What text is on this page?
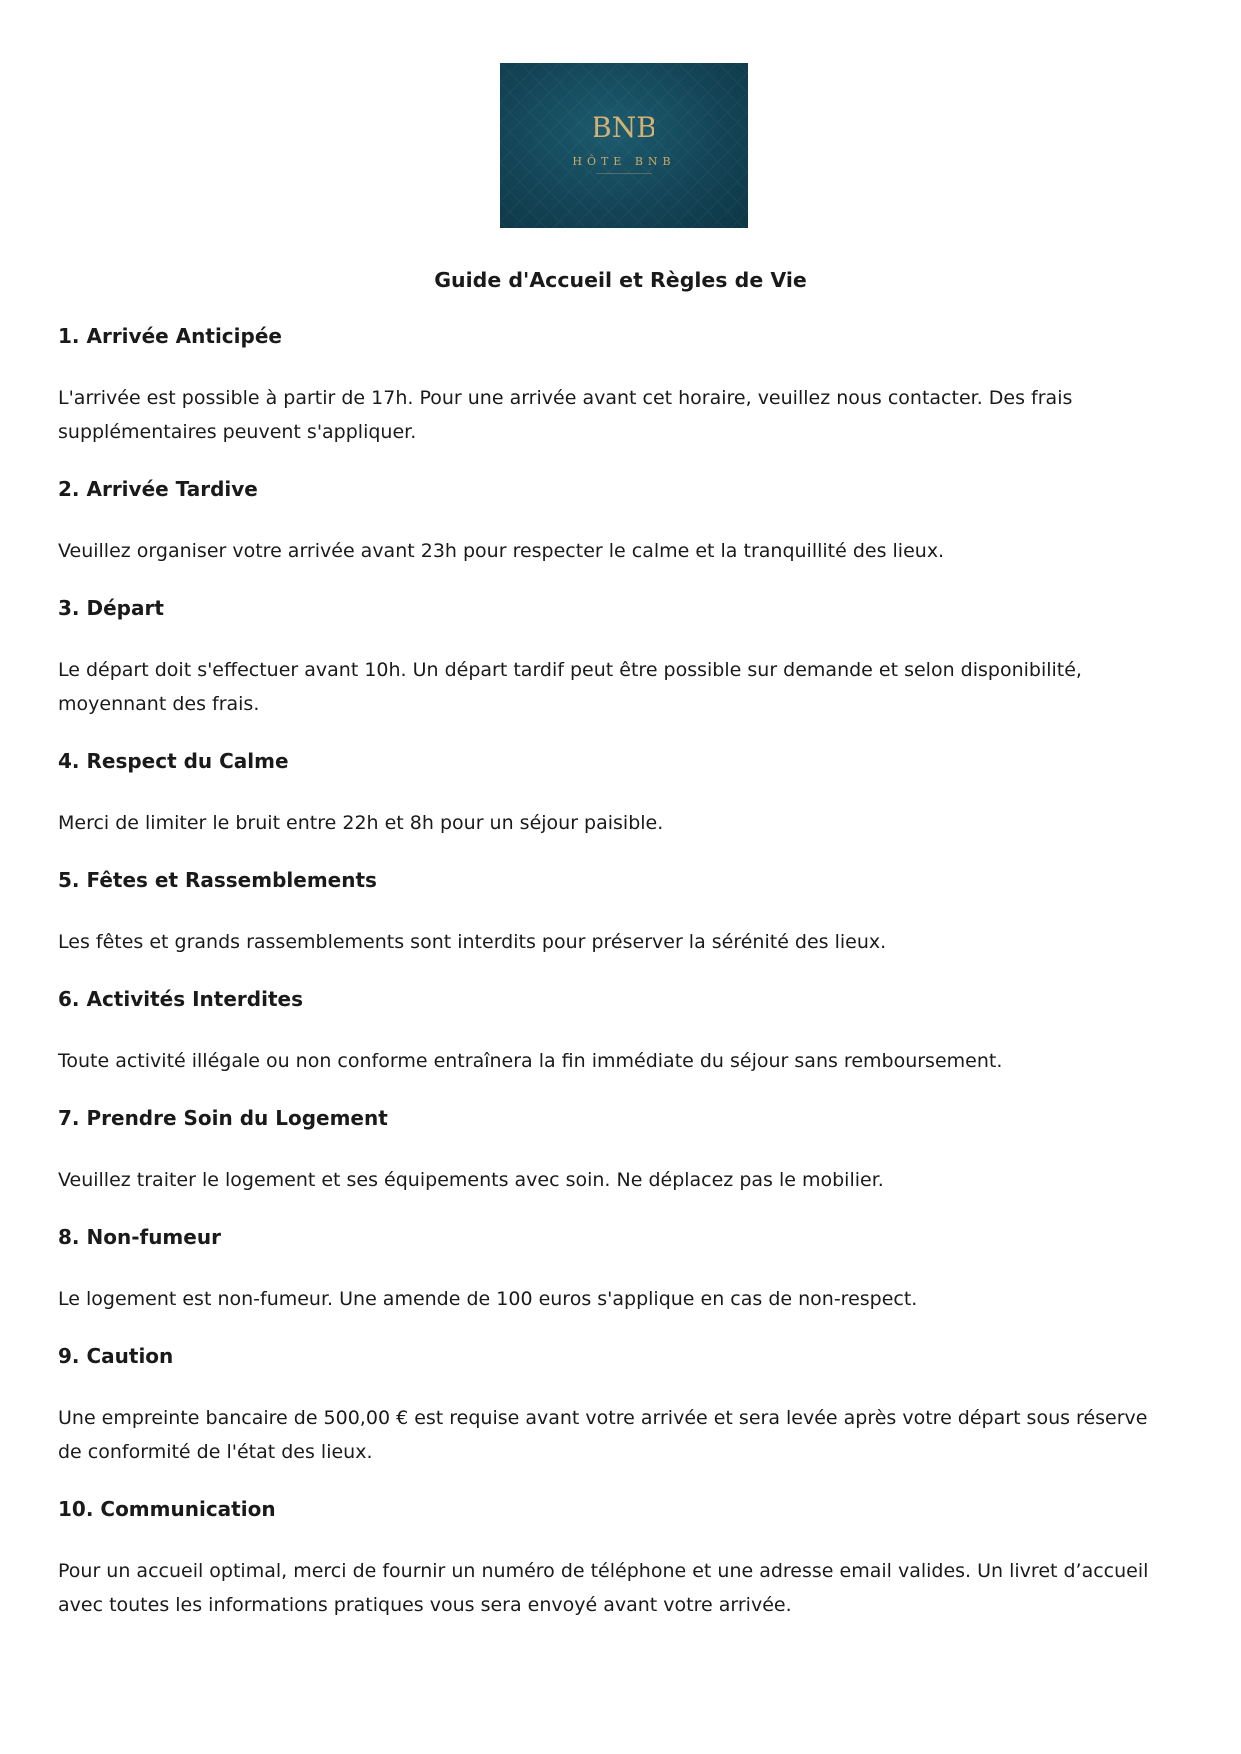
BNB
HÔTE BNB
Guide d'Accueil et Règles de Vie

1. Arrivée Anticipée

L'arrivée est possible à partir de 17h. Pour une arrivée avant cet horaire, veuillez nous contacter. Des frais supplémentaires peuvent s'appliquer.

2. Arrivée Tardive

Veuillez organiser votre arrivée avant 23h pour respecter le calme et la tranquillité des lieux.

3. Départ

Le départ doit s'effectuer avant 10h. Un départ tardif peut être possible sur demande et selon disponibilité, moyennant des frais.

4. Respect du Calme

Merci de limiter le bruit entre 22h et 8h pour un séjour paisible.

5. Fêtes et Rassemblements

Les fêtes et grands rassemblements sont interdits pour préserver la sérénité des lieux.

6. Activités Interdites

Toute activité illégale ou non conforme entraînera la fin immédiate du séjour sans remboursement.

7. Prendre Soin du Logement

Veuillez traiter le logement et ses équipements avec soin. Ne déplacez pas le mobilier.

8. Non-fumeur

Le logement est non-fumeur. Une amende de 100 euros s'applique en cas de non-respect.

9. Caution

Une empreinte bancaire de 500,00 € est requise avant votre arrivée et sera levée après votre départ sous réserve de conformité de l'état des lieux.

10. Communication

Pour un accueil optimal, merci de fournir un numéro de téléphone et une adresse email valides. Un livret d’accueil avec toutes les informations pratiques vous sera envoyé avant votre arrivée.
